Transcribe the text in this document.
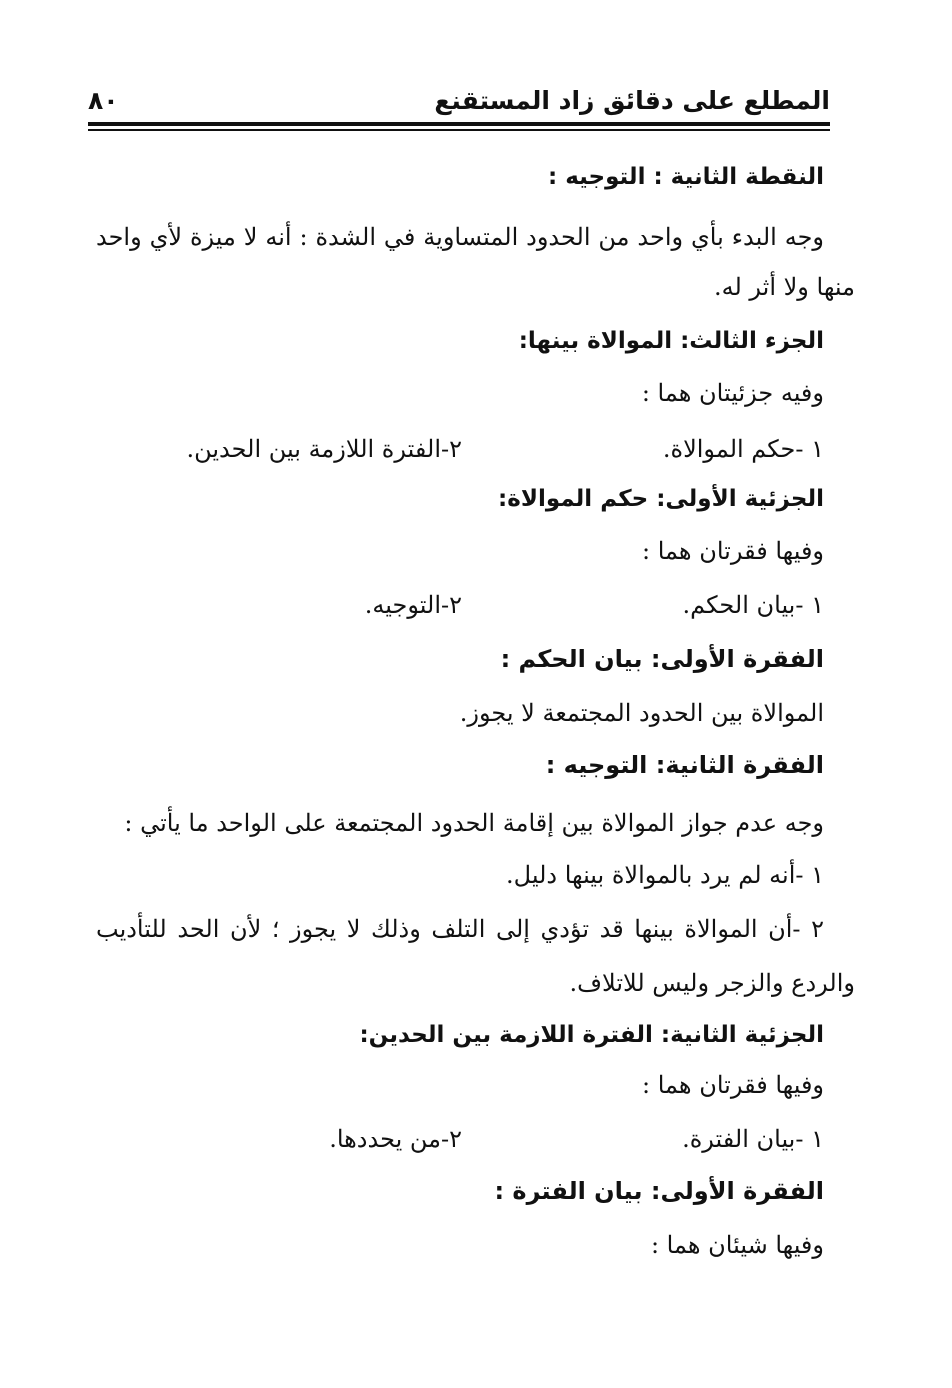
المطلع على دقائق زاد المستقنع
٨٠
النقطة الثانية : التوجيه :
وجه البدء بأي واحد من الحدود المتساوية في الشدة : أنه لا ميزة لأي واحد
منها ولا أثر له.
الجزء الثالث: الموالاة بينها:
وفيه جزئيتان هما :
١ -حكم الموالاة.
٢-الفترة اللازمة بين الحدين.
الجزئية الأولى: حكم الموالاة:
وفيها فقرتان هما :
١ -بيان الحكم.
٢-التوجيه.
الفقرة الأولى: بيان الحكم :
الموالاة بين الحدود المجتمعة لا يجوز.
الفقرة الثانية: التوجيه :
وجه عدم جواز الموالاة بين إقامة الحدود المجتمعة على الواحد ما يأتي :
١ -أنه لم يرد بالموالاة بينها دليل.
٢ -أن الموالاة بينها قد تؤدي إلى التلف وذلك لا يجوز ؛ لأن الحد للتأديب
والردع والزجر وليس للاتلاف.
الجزئية الثانية: الفترة اللازمة بين الحدين:
وفيها فقرتان هما :
١ -بيان الفترة.
٢-من يحددها.
الفقرة الأولى: بيان الفترة :
وفيها شيئان هما :
